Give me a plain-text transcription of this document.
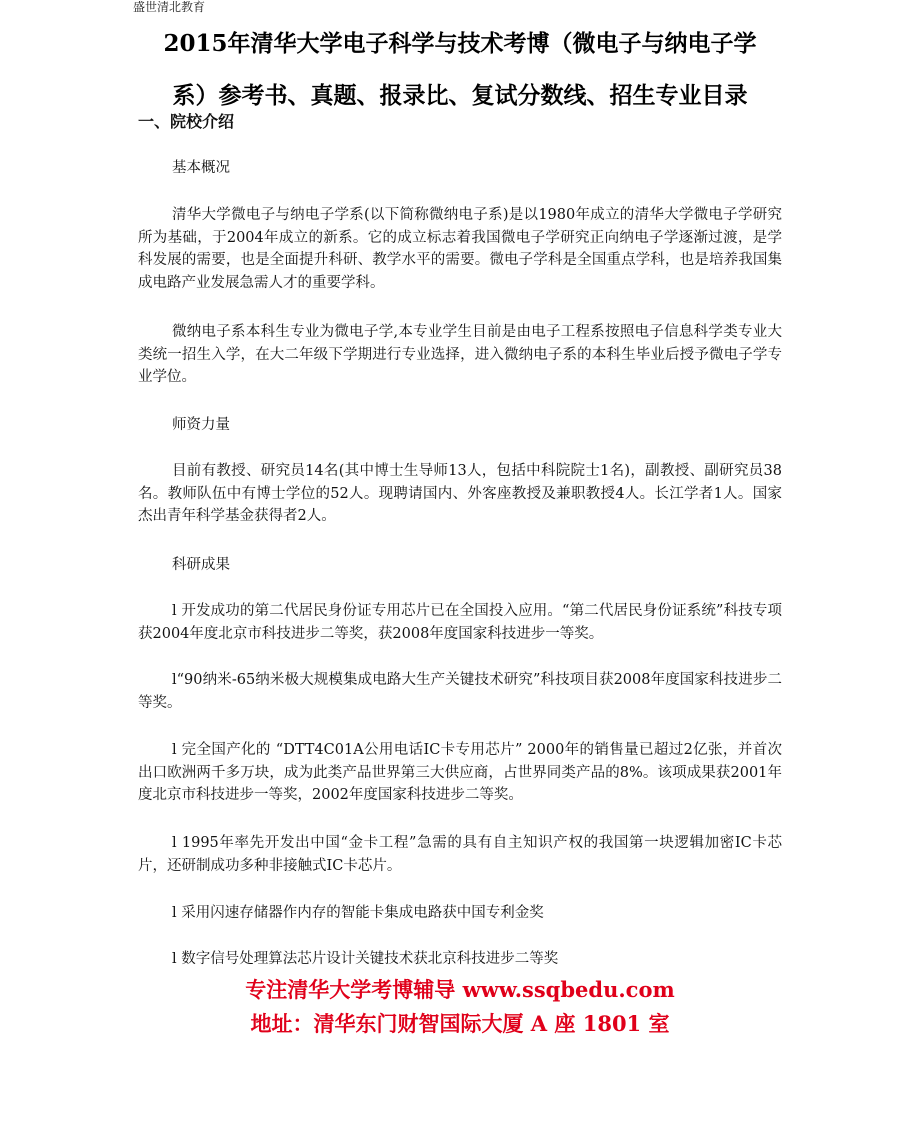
盛世清北教育
2015年清华大学电子科学与技术考博（微电子与纳电子学
系）参考书、真题、报录比、复试分数线、招生专业目录
一、院校介绍
基本概况

清华大学微电子与纳电子学系(以下简称微纳电子系)是以1980年成立的清华大学微电子学研究所为基础，于2004年成立的新系。它的成立标志着我国微电子学研究正向纳电子学逐渐过渡，是学科发展的需要，也是全面提升科研、教学水平的需要。微电子学科是全国重点学科，也是培养我国集成电路产业发展急需人才的重要学科。

微纳电子系本科生专业为微电子学,本专业学生目前是由电子工程系按照电子信息科学类专业大类统一招生入学，在大二年级下学期进行专业选择，进入微纳电子系的本科生毕业后授予微电子学专业学位。

师资力量

目前有教授、研究员14名(其中博士生导师13人，包括中科院院士1名)，副教授、副研究员38名。教师队伍中有博士学位的52人。现聘请国内、外客座教授及兼职教授4人。长江学者1人。国家杰出青年科学基金获得者2人。

科研成果

l 开发成功的第二代居民身份证专用芯片已在全国投入应用。“第二代居民身份证系统”科技专项获2004年度北京市科技进步二等奖，获2008年度国家科技进步一等奖。

l“90纳米-65纳米极大规模集成电路大生产关键技术研究”科技项目获2008年度国家科技进步二等奖。

l 完全国产化的 “DTT4C01A公用电话IC卡专用芯片” 2000年的销售量已超过2亿张，并首次出口欧洲两千多万块，成为此类产品世界第三大供应商，占世界同类产品的8%。该项成果获2001年度北京市科技进步一等奖，2002年度国家科技进步二等奖。

l 1995年率先开发出中国“金卡工程”急需的具有自主知识产权的我国第一块逻辑加密IC卡芯片，还研制成功多种非接触式IC卡芯片。

l 采用闪速存储器作内存的智能卡集成电路获中国专利金奖

l 数字信号处理算法芯片设计关键技术获北京科技进步二等奖

专注清华大学考博辅导 www.ssqbedu.com
地址：清华东门财智国际大厦 A 座 1801 室
